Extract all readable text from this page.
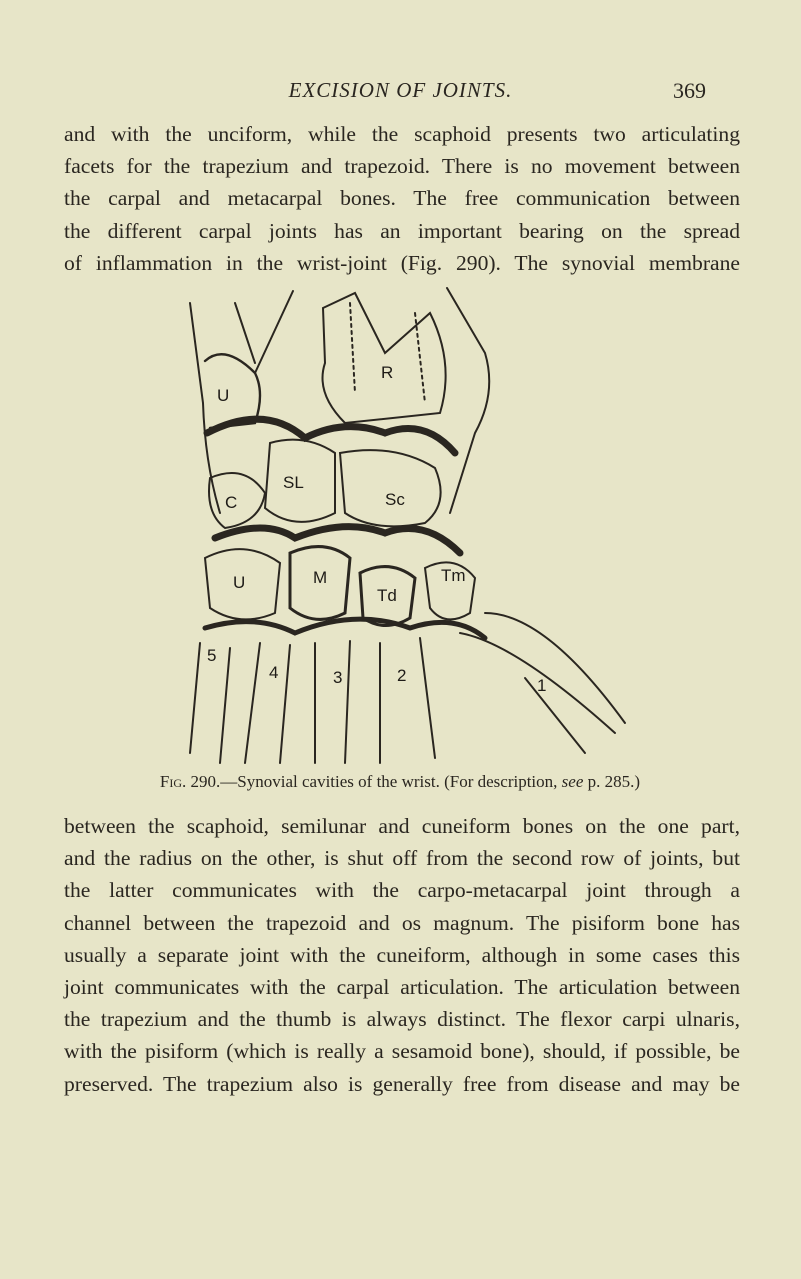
EXCISION OF JOINTS.	369

and with the unciform, while the scaphoid presents two articulating
facets for the trapezium and trapezoid. There is no movement between
the carpal and metacarpal bones. The free communication between
the different carpal joints has an important bearing on the spread
of inflammation in the wrist-joint (Fig. 290). The synovial membrane

U
R
SL
Sc
C
U	M
Td
Tm
1
2
3
4
5
Fig. 290.—Synovial cavities of the wrist. (For description, see p. 285.)

between the scaphoid, semilunar and cuneiform bones on the one part,
and the radius on the other, is shut off from the second row of joints, but
the latter communicates with the carpo-metacarpal joint through a
channel between the trapezoid and os magnum. The pisiform bone has
usually a separate joint with the cuneiform, although in some cases this
joint communicates with the carpal articulation. The articulation between
the trapezium and the thumb is always distinct. The flexor carpi ulnaris,
with the pisiform (which is really a sesamoid bone), should, if possible, be
preserved. The trapezium also is generally free from disease and may be
